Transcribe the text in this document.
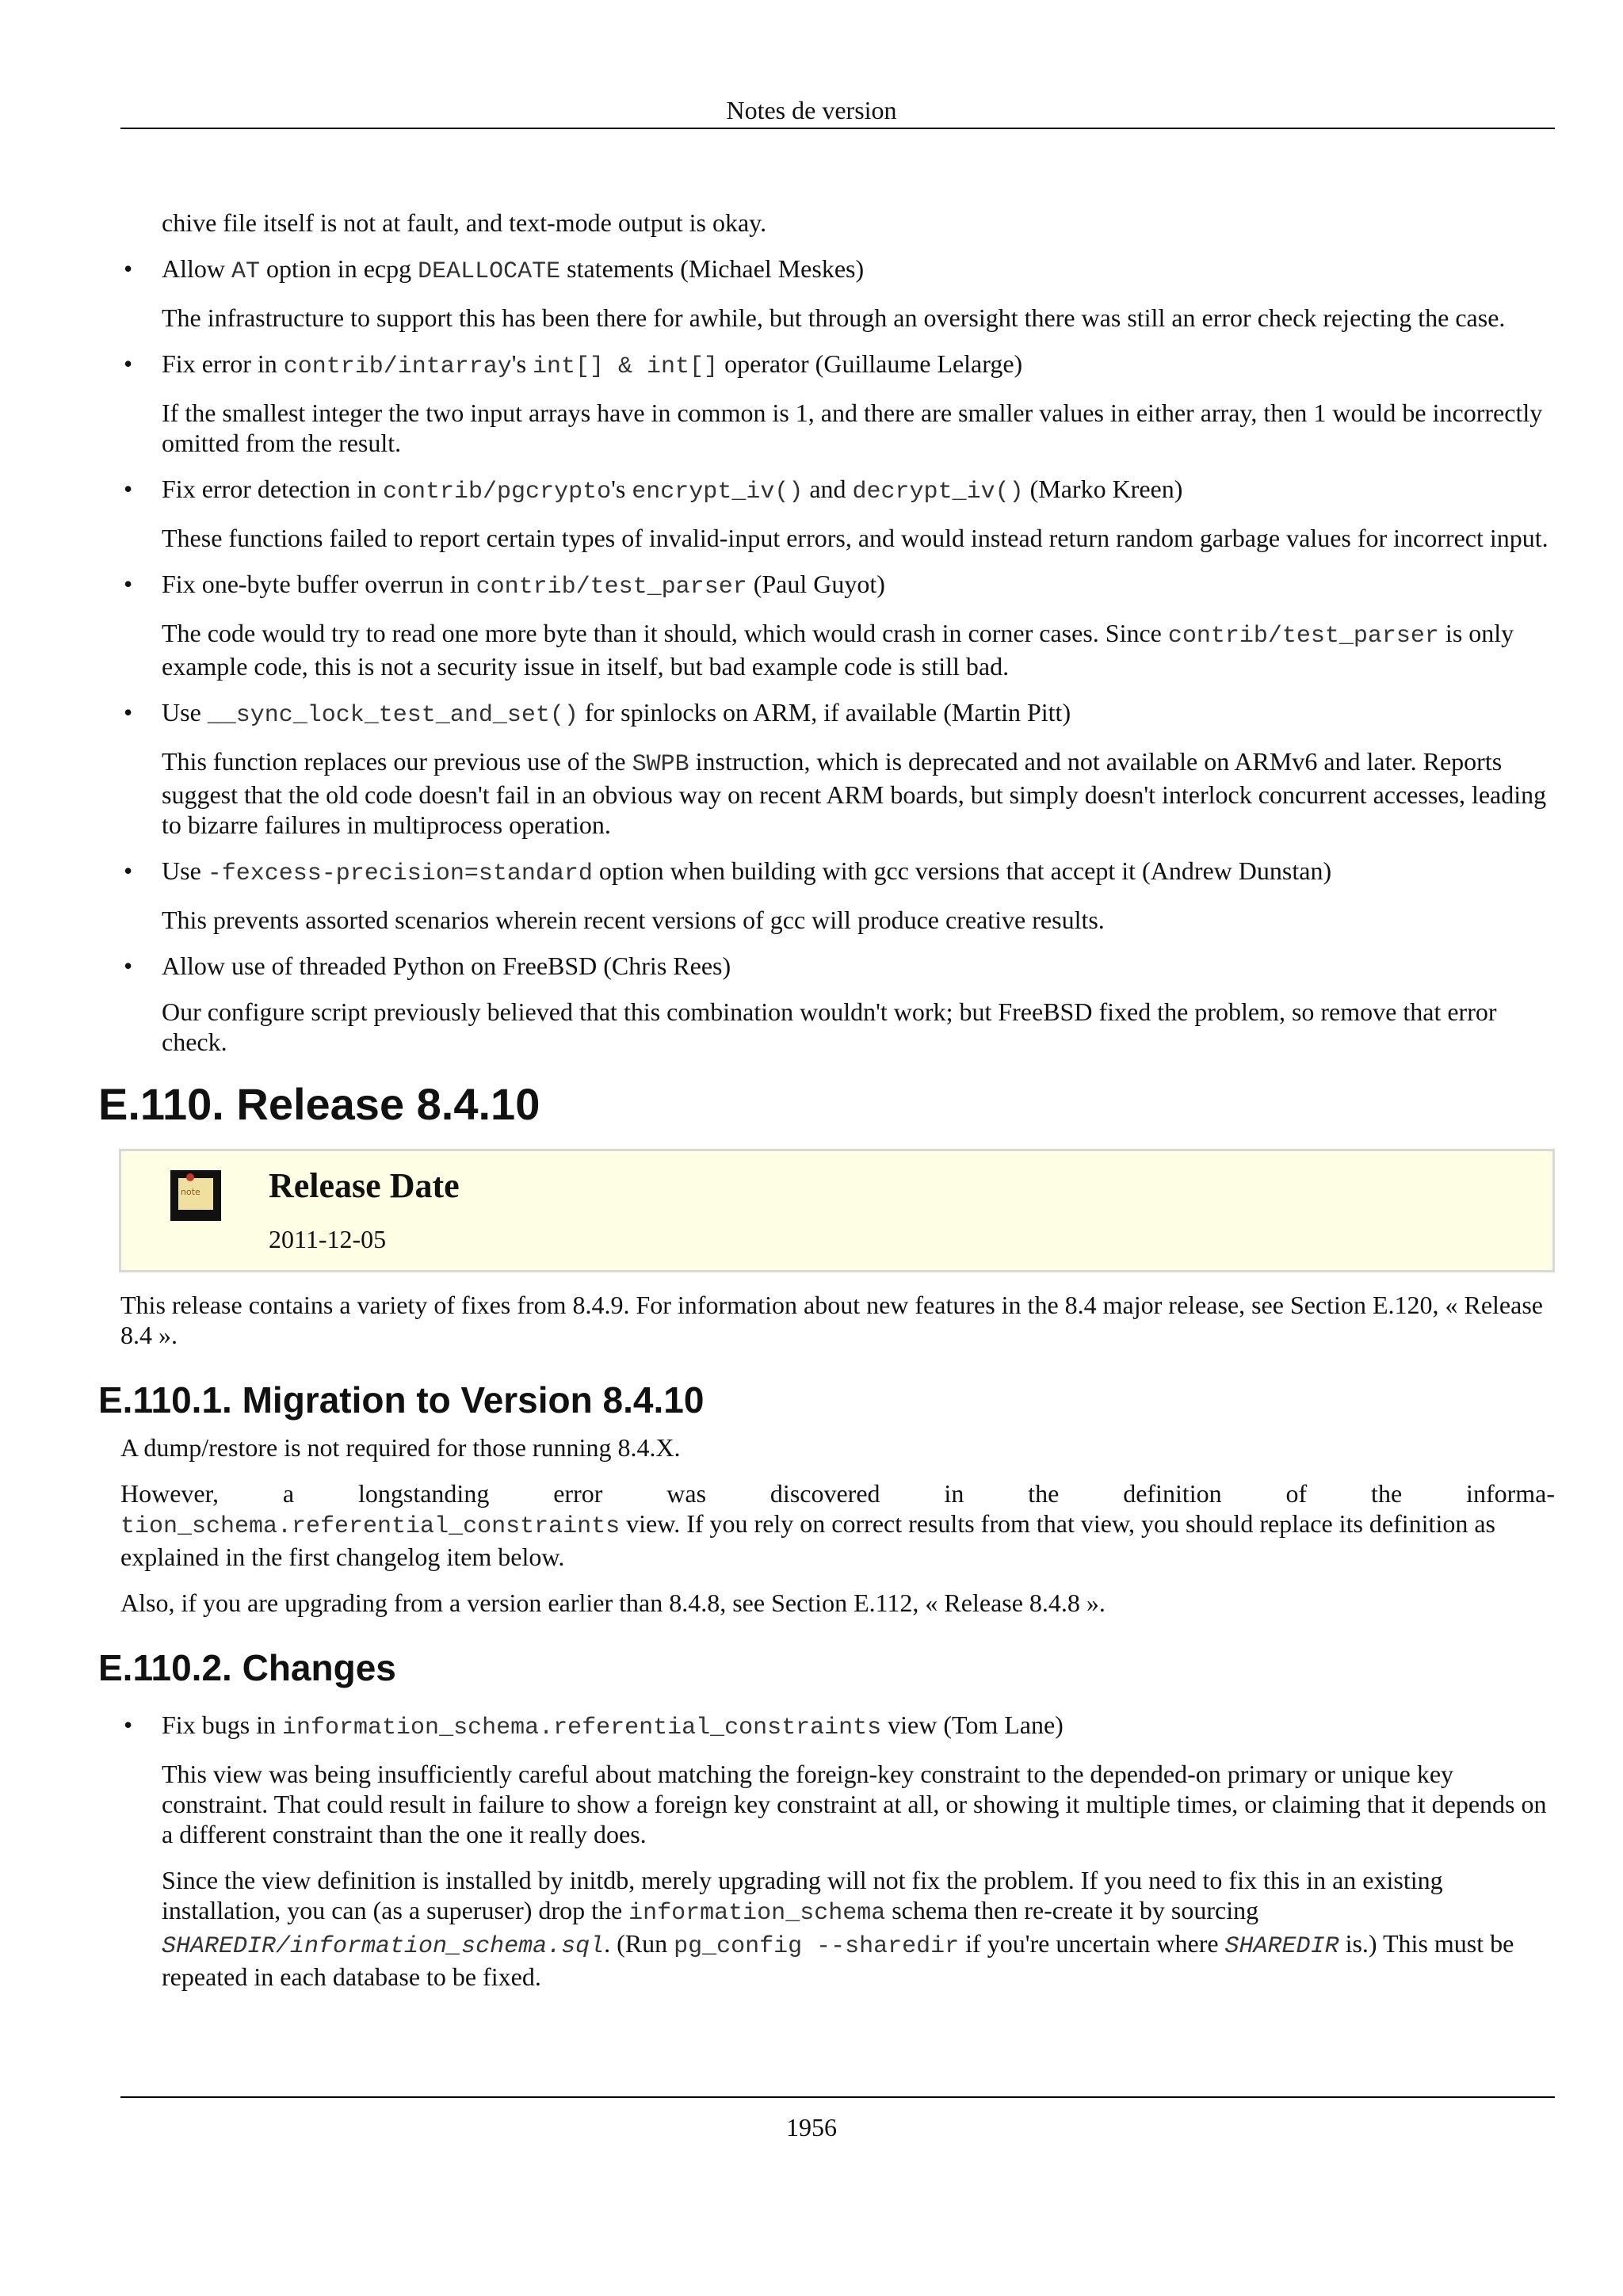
Notes de version

chive file itself is not at fault, and text-mode output is okay.

• Allow AT option in ecpg DEALLOCATE statements (Michael Meskes)

The infrastructure to support this has been there for awhile, but through an oversight there was still an error check rejecting the case.

• Fix error in contrib/intarray's int[] & int[] operator (Guillaume Lelarge)

If the smallest integer the two input arrays have in common is 1, and there are smaller values in either array, then 1 would be incorrectly omitted from the result.

• Fix error detection in contrib/pgcrypto's encrypt_iv() and decrypt_iv() (Marko Kreen)

These functions failed to report certain types of invalid-input errors, and would instead return random garbage values for incorrect input.

• Fix one-byte buffer overrun in contrib/test_parser (Paul Guyot)

The code would try to read one more byte than it should, which would crash in corner cases. Since contrib/test_parser is only example code, this is not a security issue in itself, but bad example code is still bad.

• Use __sync_lock_test_and_set() for spinlocks on ARM, if available (Martin Pitt)

This function replaces our previous use of the SWPB instruction, which is deprecated and not available on ARMv6 and later. Reports suggest that the old code doesn't fail in an obvious way on recent ARM boards, but simply doesn't interlock concurrent accesses, leading to bizarre failures in multiprocess operation.

• Use -fexcess-precision=standard option when building with gcc versions that accept it (Andrew Dunstan)

This prevents assorted scenarios wherein recent versions of gcc will produce creative results.

• Allow use of threaded Python on FreeBSD (Chris Rees)

Our configure script previously believed that this combination wouldn't work; but FreeBSD fixed the problem, so remove that error check.

E.110. Release 8.4.10
note Release Date
2011-12-05

This release contains a variety of fixes from 8.4.9. For information about new features in the 8.4 major release, see Section E.120, « Release 8.4 ».

E.110.1. Migration to Version 8.4.10

A dump/restore is not required for those running 8.4.X.

However, a longstanding error was discovered in the definition of the informa-
tion_schema.referential_constraints view. If you rely on correct results from that view, you should replace its definition as explained in the first changelog item below.

Also, if you are upgrading from a version earlier than 8.4.8, see Section E.112, « Release 8.4.8 ».

E.110.2. Changes
• Fix bugs in information_schema.referential_constraints view (Tom Lane)

This view was being insufficiently careful about matching the foreign-key constraint to the depended-on primary or unique key constraint. That could result in failure to show a foreign key constraint at all, or showing it multiple times, or claiming that it depends on a different constraint than the one it really does.

Since the view definition is installed by initdb, merely upgrading will not fix the problem. If you need to fix this in an existing installation, you can (as a superuser) drop the information_schema schema then re-create it by sourcing SHAREDIR/information_schema.sql. (Run pg_config --sharedir if you're uncertain where SHAREDIR is.) This must be repeated in each database to be fixed.

1956
